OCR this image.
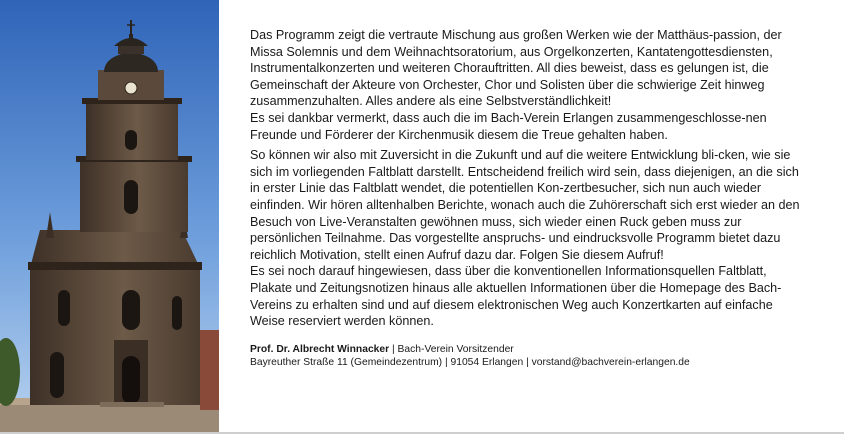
Das Programm zeigt die vertraute Mischung aus großen Werken wie der Matthäus-passion, der Missa Solemnis und dem Weihnachtsoratorium, aus Orgelkonzerten, Kantatengottesdiensten, Instrumentalkonzerten und weiteren Chorauftritten. All dies beweist, dass es gelungen ist, die Gemeinschaft der Akteure von Orchester, Chor und Solisten über die schwierige Zeit hinweg zusammenzuhalten. Alles andere als eine Selbstverständlichkeit!

Es sei dankbar vermerkt, dass auch die im Bach-Verein Erlangen zusammengeschlosse-nen Freunde und Förderer der Kirchenmusik diesem die Treue gehalten haben.

So können wir also mit Zuversicht in die Zukunft und auf die weitere Entwicklung bli-cken, wie sie sich im vorliegenden Faltblatt darstellt. Entscheidend freilich wird sein, dass diejenigen, an die sich in erster Linie das Faltblatt wendet, die potentiellen Kon-zertbesucher, sich nun auch wieder einfinden. Wir hören alltenhalben Berichte, wonach auch die Zuhörerschaft sich erst wieder an den Besuch von Live-Veranstalten gewöhnen muss, sich wieder einen Ruck geben muss zur persönlichen Teilnahme. Das vorgestellte anspruchs- und eindrucksvolle Programm bietet dazu reichlich Motivation, stellt einen Aufruf dazu dar. Folgen Sie diesem Aufruf!

Es sei noch darauf hingewiesen, dass über die konventionellen Informationsquellen Faltblatt, Plakate und Zeitungsnotizen hinaus alle aktuellen Informationen über die Homepage des Bach-Vereins zu erhalten sind und auf diesem elektronischen Weg auch Konzertkarten auf einfache Weise reserviert werden können.

Prof. Dr. Albrecht Winnacker | Bach-Verein Vorsitzender
Bayreuther Straße 11 (Gemeindezentrum) | 91054 Erlangen | vorstand@bachverein-erlangen.de
